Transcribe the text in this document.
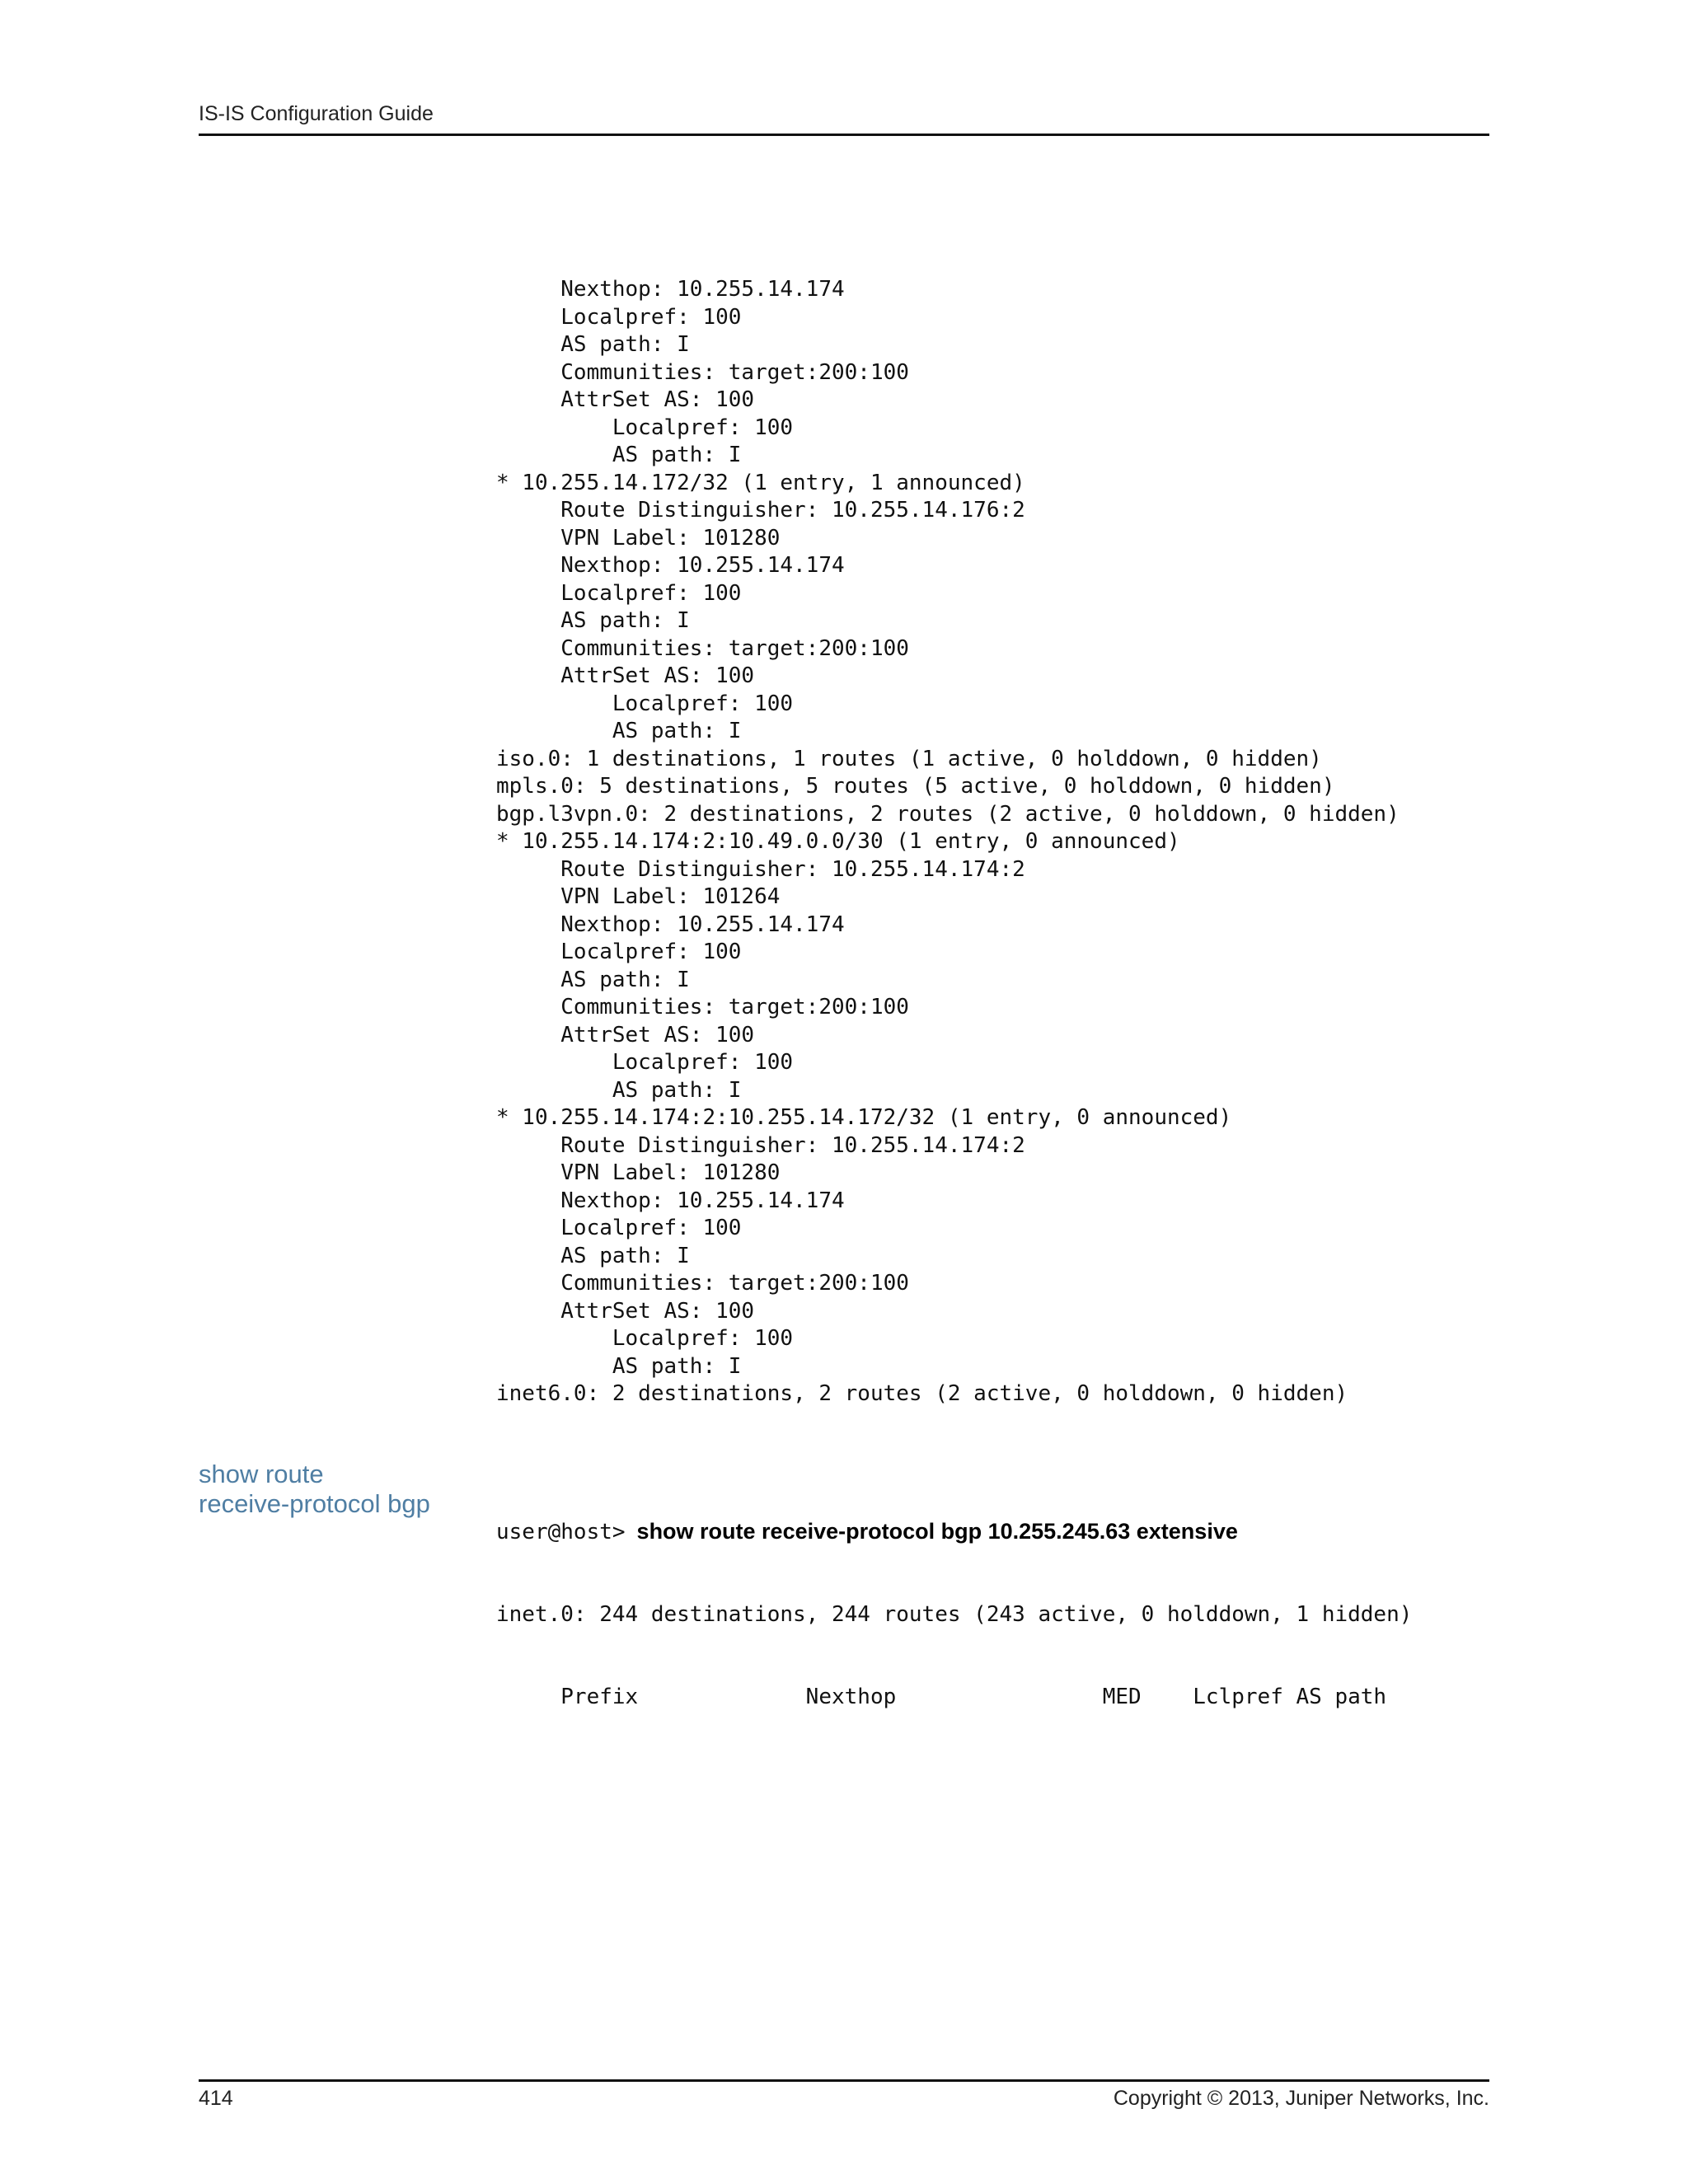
IS-IS Configuration Guide
Nexthop: 10.255.14.174
Localpref: 100
AS path: I
Communities: target:200:100
AttrSet AS: 100
Localpref: 100
AS path: I
* 10.255.14.172/32 (1 entry, 1 announced)
Route Distinguisher: 10.255.14.176:2
VPN Label: 101280
Nexthop: 10.255.14.174
Localpref: 100
AS path: I
Communities: target:200:100
AttrSet AS: 100
Localpref: 100
AS path: I
iso.0: 1 destinations, 1 routes (1 active, 0 holddown, 0 hidden)
mpls.0: 5 destinations, 5 routes (5 active, 0 holddown, 0 hidden)
bgp.l3vpn.0: 2 destinations, 2 routes (2 active, 0 holddown, 0 hidden)
* 10.255.14.174:2:10.49.0.0/30 (1 entry, 0 announced)
Route Distinguisher: 10.255.14.174:2
VPN Label: 101264
Nexthop: 10.255.14.174
Localpref: 100
AS path: I
Communities: target:200:100
AttrSet AS: 100
Localpref: 100
AS path: I
* 10.255.14.174:2:10.255.14.172/32 (1 entry, 0 announced)
Route Distinguisher: 10.255.14.174:2
VPN Label: 101280
Nexthop: 10.255.14.174
Localpref: 100
AS path: I
Communities: target:200:100
AttrSet AS: 100
Localpref: 100
AS path: I
inet6.0: 2 destinations, 2 routes (2 active, 0 holddown, 0 hidden)
show route
receive-protocol bgp

user@host> show route receive-protocol bgp 10.255.245.63 extensive

inet.0: 244 destinations, 244 routes (243 active, 0 holddown, 1 hidden)

Prefix             Nexthop                MED    Lclpref AS path

414	Copyright © 2013, Juniper Networks, Inc.
